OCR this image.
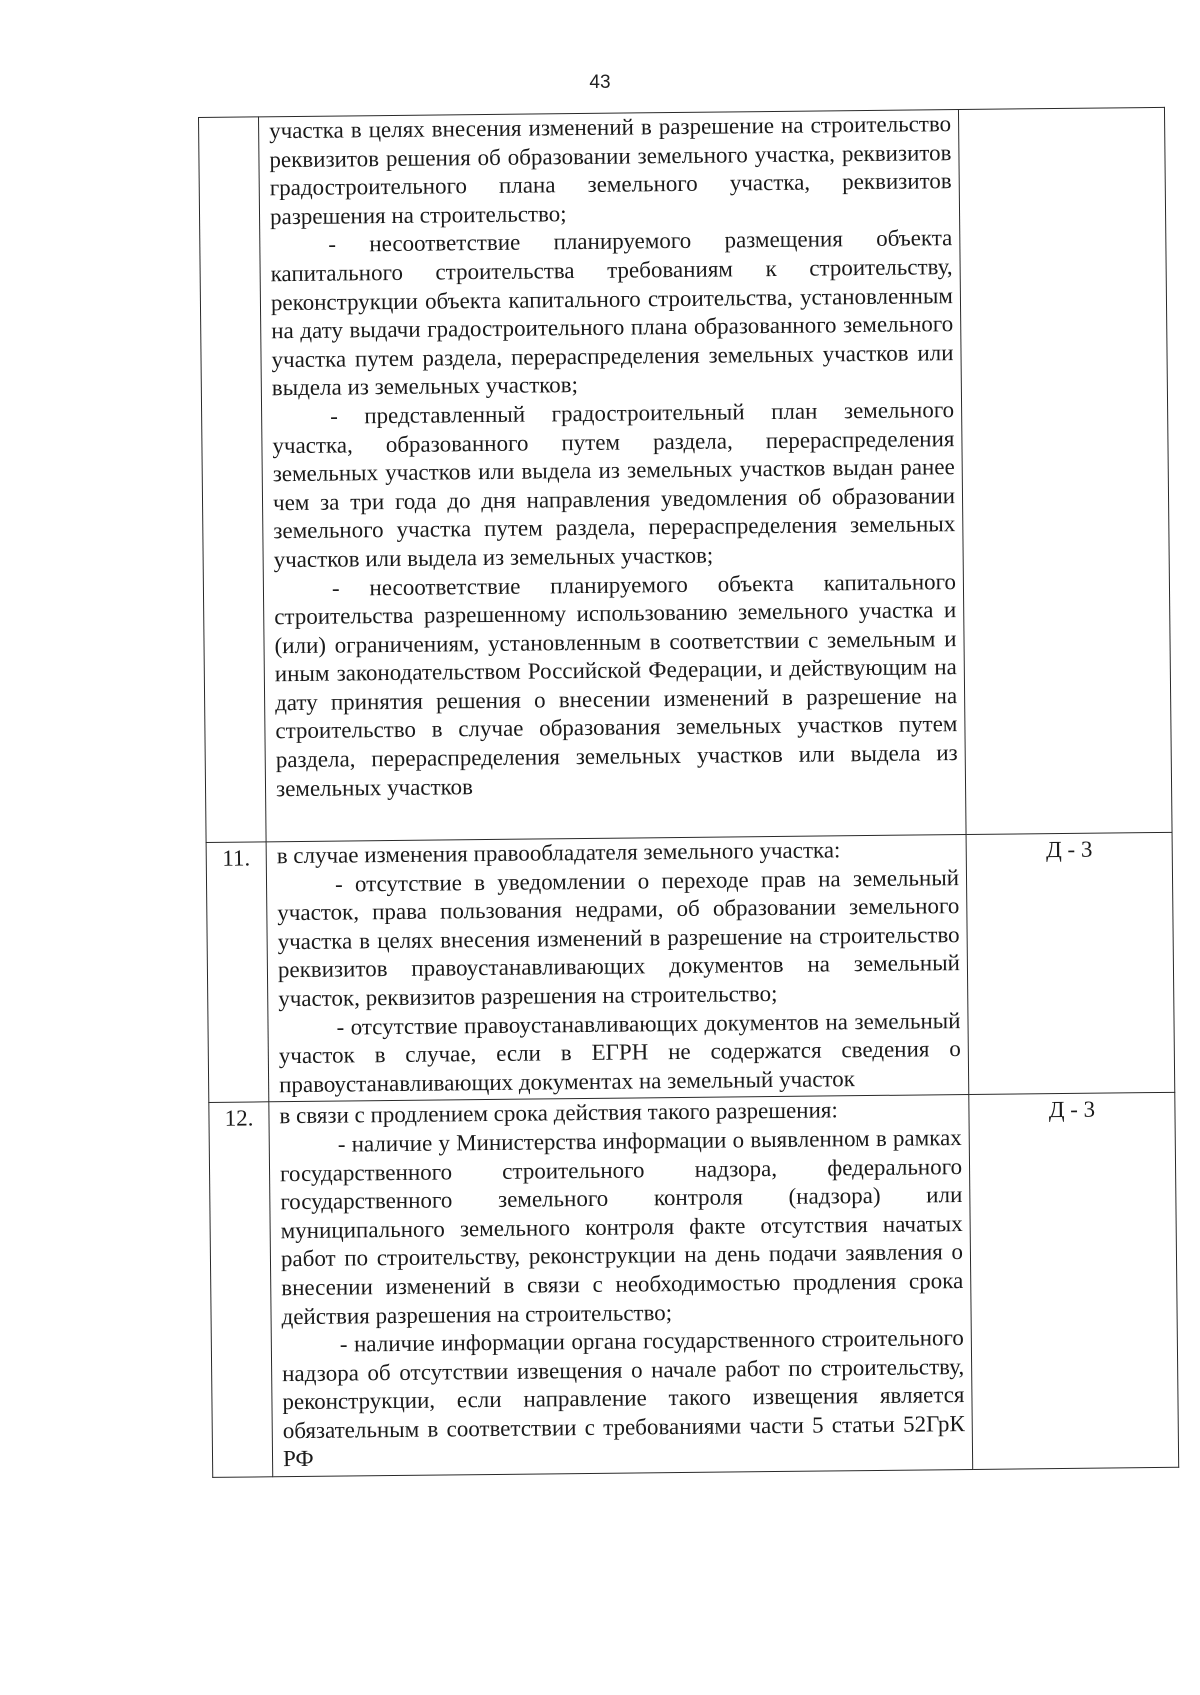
43

	участка в целях внесения изменений в разрешение на строительство реквизитов решения об образовании земельного участка, реквизитов градостроительного плана земельного участка, реквизитов разрешения на строительство;

- несоответствие планируемого размещения объекта капитального строительства требованиям к строительству, реконструкции объекта капитального строительства, установленным на дату выдачи градостроительного плана образованного земельного участка путем раздела, перераспределения земельных участков или выдела из земельных участков;

- представленный градостроительный план земельного участка, образованного путем раздела, перераспределения земельных участков или выдела из земельных участков выдан ранее чем за три года до дня направления уведомления об образовании земельного участка путем раздела, перераспределения земельных участков или выдела из земельных участков;

- несоответствие планируемого объекта капитального строительства разрешенному использованию земельного участка и (или) ограничениям, установленным в соответствии с земельным и иным законодательством Российской Федерации, и действующим на дату принятия решения о внесении изменений в разрешение на строительство в случае образования земельных участков путем раздела, перераспределения земельных участков или выдела из земельных участков	

11.	в случае изменения правообладателя земельного участка:

- отсутствие в уведомлении о переходе прав на земельный участок, права пользования недрами, об образовании земельного участка в целях внесения изменений в разрешение на строительство реквизитов правоустанавливающих документов на земельный участок, реквизитов разрешения на строительство;

- отсутствие правоустанавливающих документов на земельный участок в случае, если в ЕГРН не содержатся сведения о правоустанавливающих документах на земельный участок	Д - 3
12.	в связи с продлением срока действия такого разрешения:

- наличие у Министерства информации о выявленном в рамках государственного строительного надзора, федерального государственного земельного контроля (надзора) или муниципального земельного контроля факте отсутствия начатых работ по строительству, реконструкции на день подачи заявления о внесении изменений в связи с необходимостью продления срока действия разрешения на строительство;

- наличие информации органа государственного строительного надзора об отсутствии извещения о начале работ по строительству, реконструкции, если направление такого извещения является обязательным в соответствии с требованиями части 5 статьи 52ГрК РФ	Д - 3
